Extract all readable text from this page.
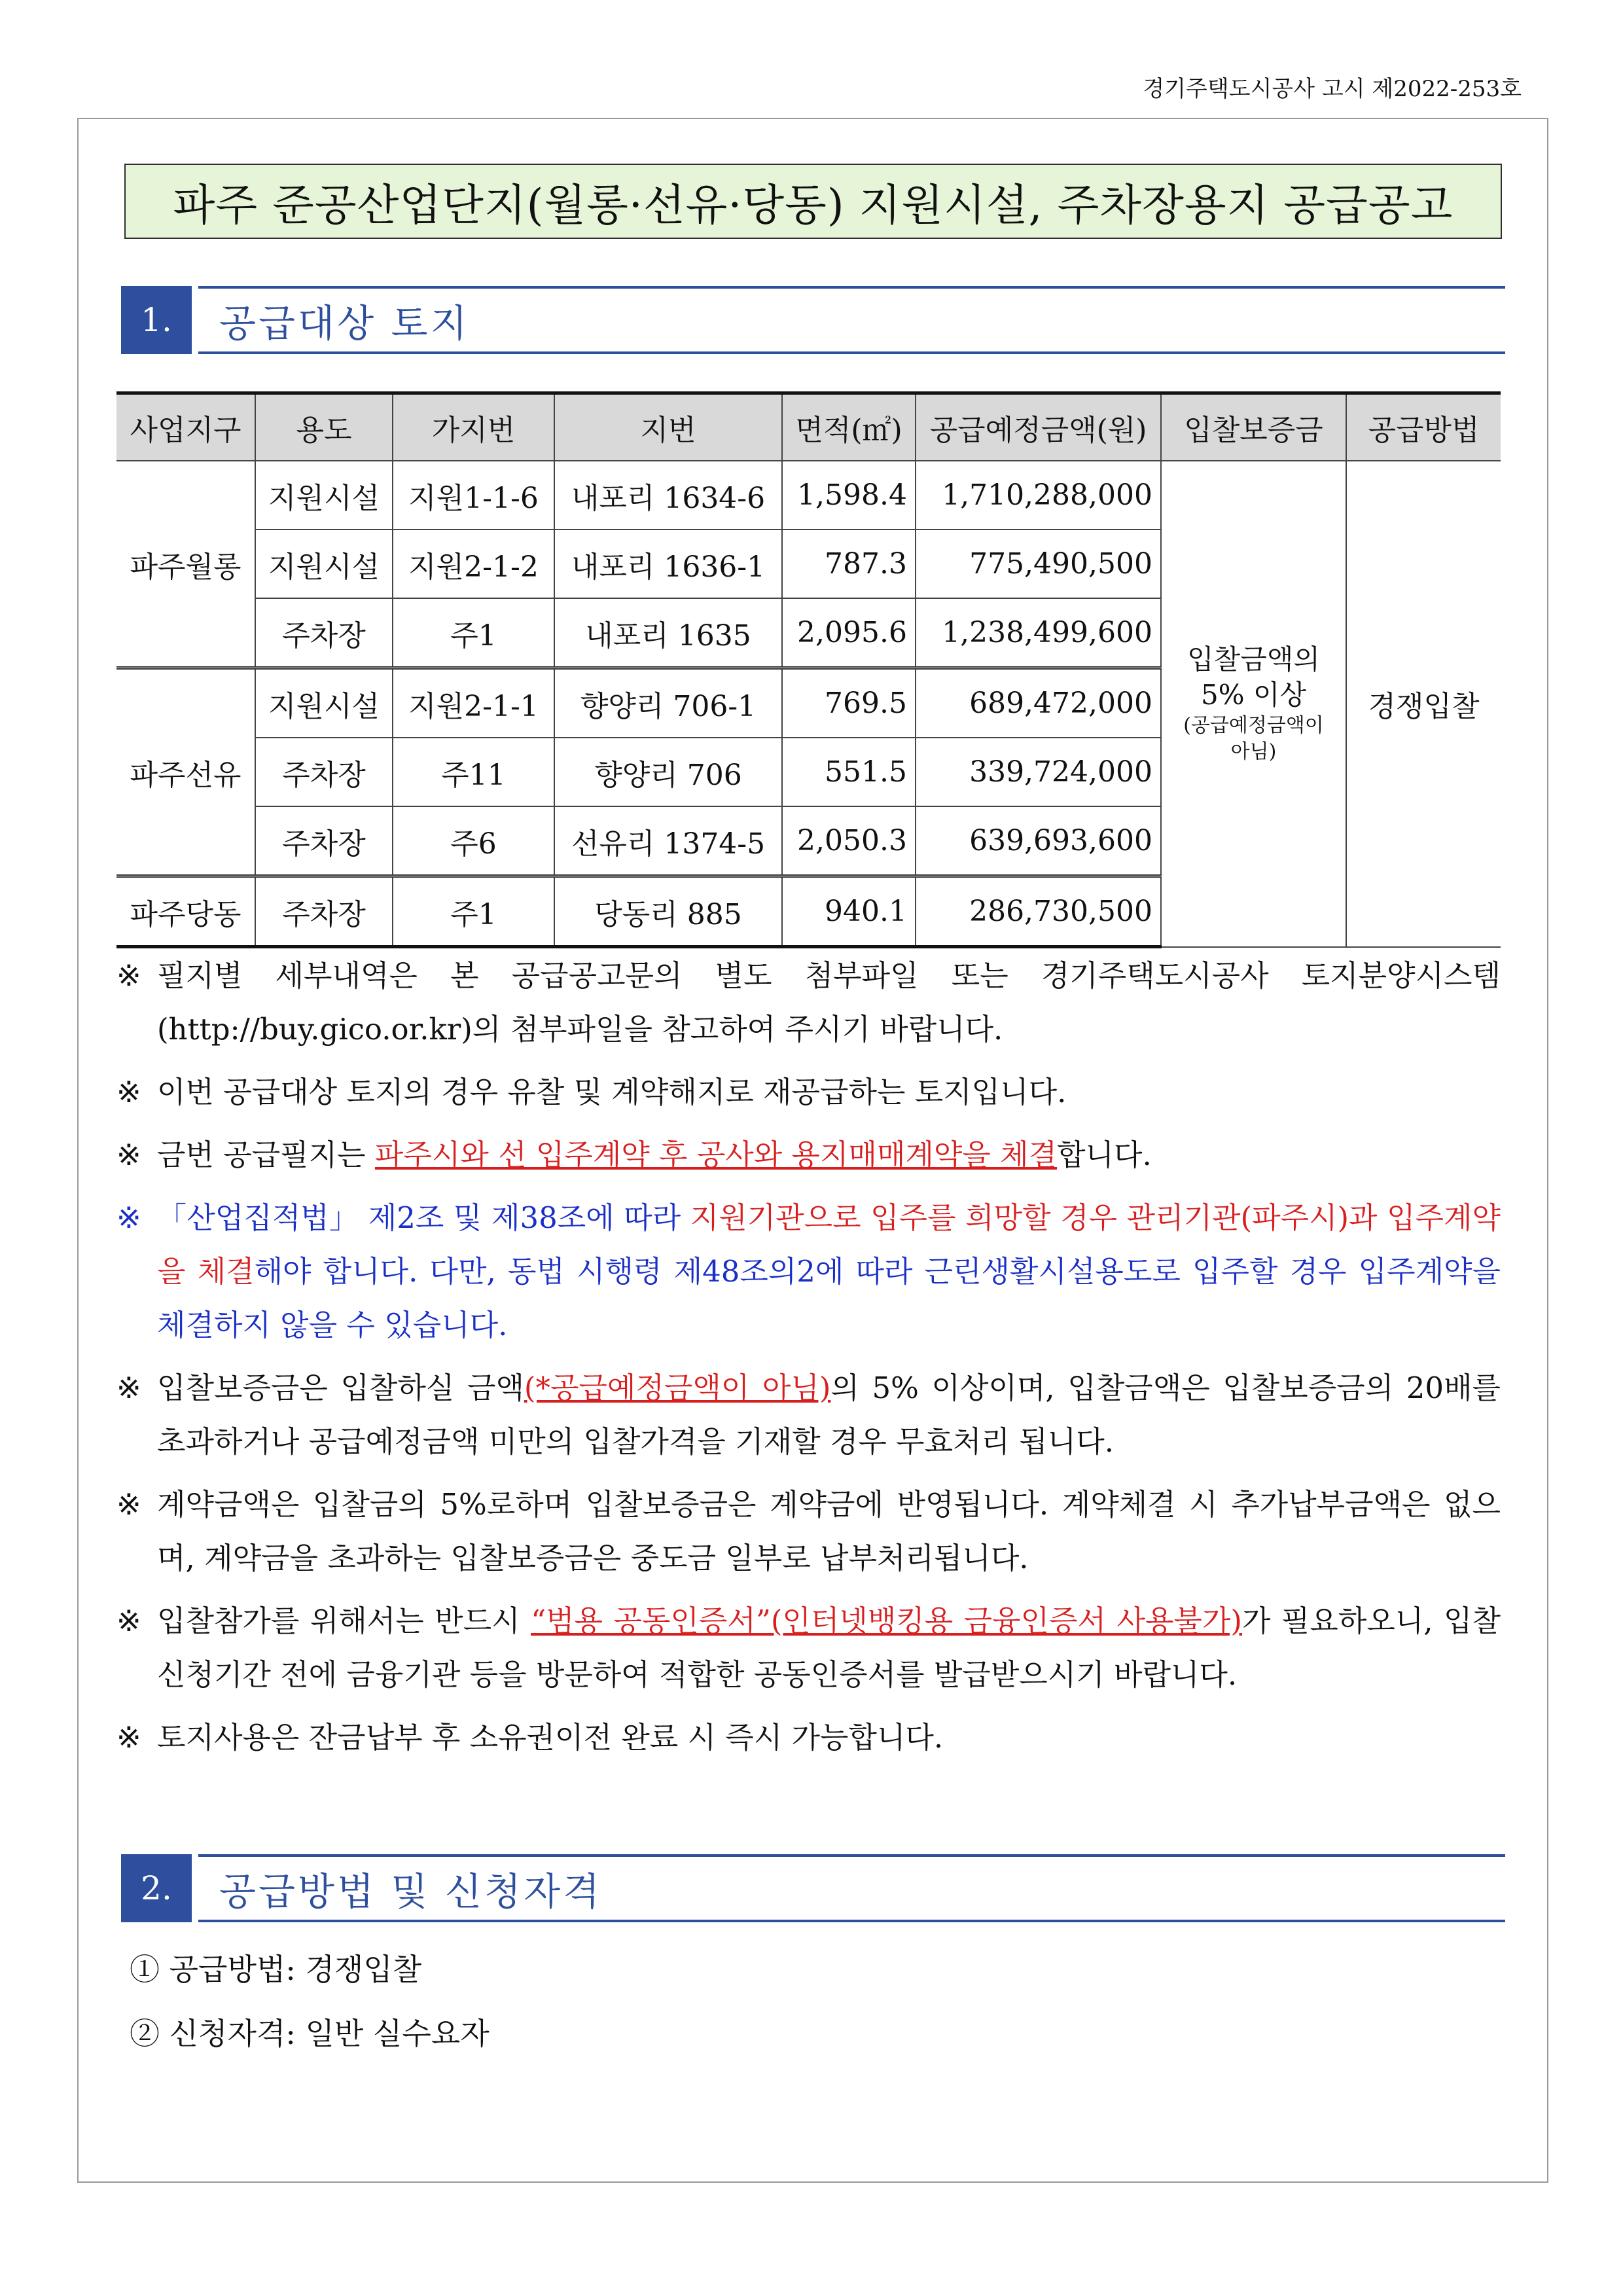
경기주택도시공사 고시 제2022-253호
파주 준공산업단지(월롱·선유·당동) 지원시설, 주차장용지 공급공고
1.	공급대상 토지
사업지구	용도	가지번	지번	면적(㎡)	공급예정금액(원)	입찰보증금	공급방법
파주월롱	지원시설	지원1-1-6	내포리 1634-6	1,598.4	1,710,288,000	입찰금액의
5% 이상
(공급예정금액이
아님)	경쟁입찰
	지원시설	지원2-1-2	내포리 1636-1	787.3	775,490,500		
	주차장	주1	내포리 1635	2,095.6	1,238,499,600		
파주선유	지원시설	지원2-1-1	향양리 706-1	769.5	689,472,000		
	주차장	주11	향양리 706	551.5	339,724,000		
	주차장	주6	선유리 1374-5	2,050.3	639,693,600		
파주당동	주차장	주1	당동리 885	940.1	286,730,500		
※ 필지별 세부내역은 본 공급공고문의 별도 첨부파일 또는 경기주택도시공사 토지분양시스템 (http://buy.gico.or.kr)의 첨부파일을 참고하여 주시기 바랍니다.
※ 이번 공급대상 토지의 경우 유찰 및 계약해지로 재공급하는 토지입니다.
※ 금번 공급필지는 파주시와 선 입주계약 후 공사와 용지매매계약을 체결합니다.
※ 「산업집적법」 제2조 및 제38조에 따라 지원기관으로 입주를 희망할 경우 관리기관(파주시)과 입주계약을 체결해야 합니다. 다만, 동법 시행령 제48조의2에 따라 근린생활시설용도로 입주할 경우 입주계약을 체결하지 않을 수 있습니다.
※ 입찰보증금은 입찰하실 금액(*공급예정금액이 아님)의 5% 이상이며, 입찰금액은 입찰보증금의 20배를 초과하거나 공급예정금액 미만의 입찰가격을 기재할 경우 무효처리 됩니다.
※ 계약금액은 입찰금의 5%로하며 입찰보증금은 계약금에 반영됩니다. 계약체결 시 추가납부금액은 없으며, 계약금을 초과하는 입찰보증금은 중도금 일부로 납부처리됩니다.
※ 입찰참가를 위해서는 반드시 “범용 공동인증서”(인터넷뱅킹용 금융인증서 사용불가)가 필요하오니, 입찰 신청기간 전에 금융기관 등을 방문하여 적합한 공동인증서를 발급받으시기 바랍니다.
※ 토지사용은 잔금납부 후 소유권이전 완료 시 즉시 가능합니다.
2.	공급방법 및 신청자격
① 공급방법: 경쟁입찰
② 신청자격: 일반 실수요자
